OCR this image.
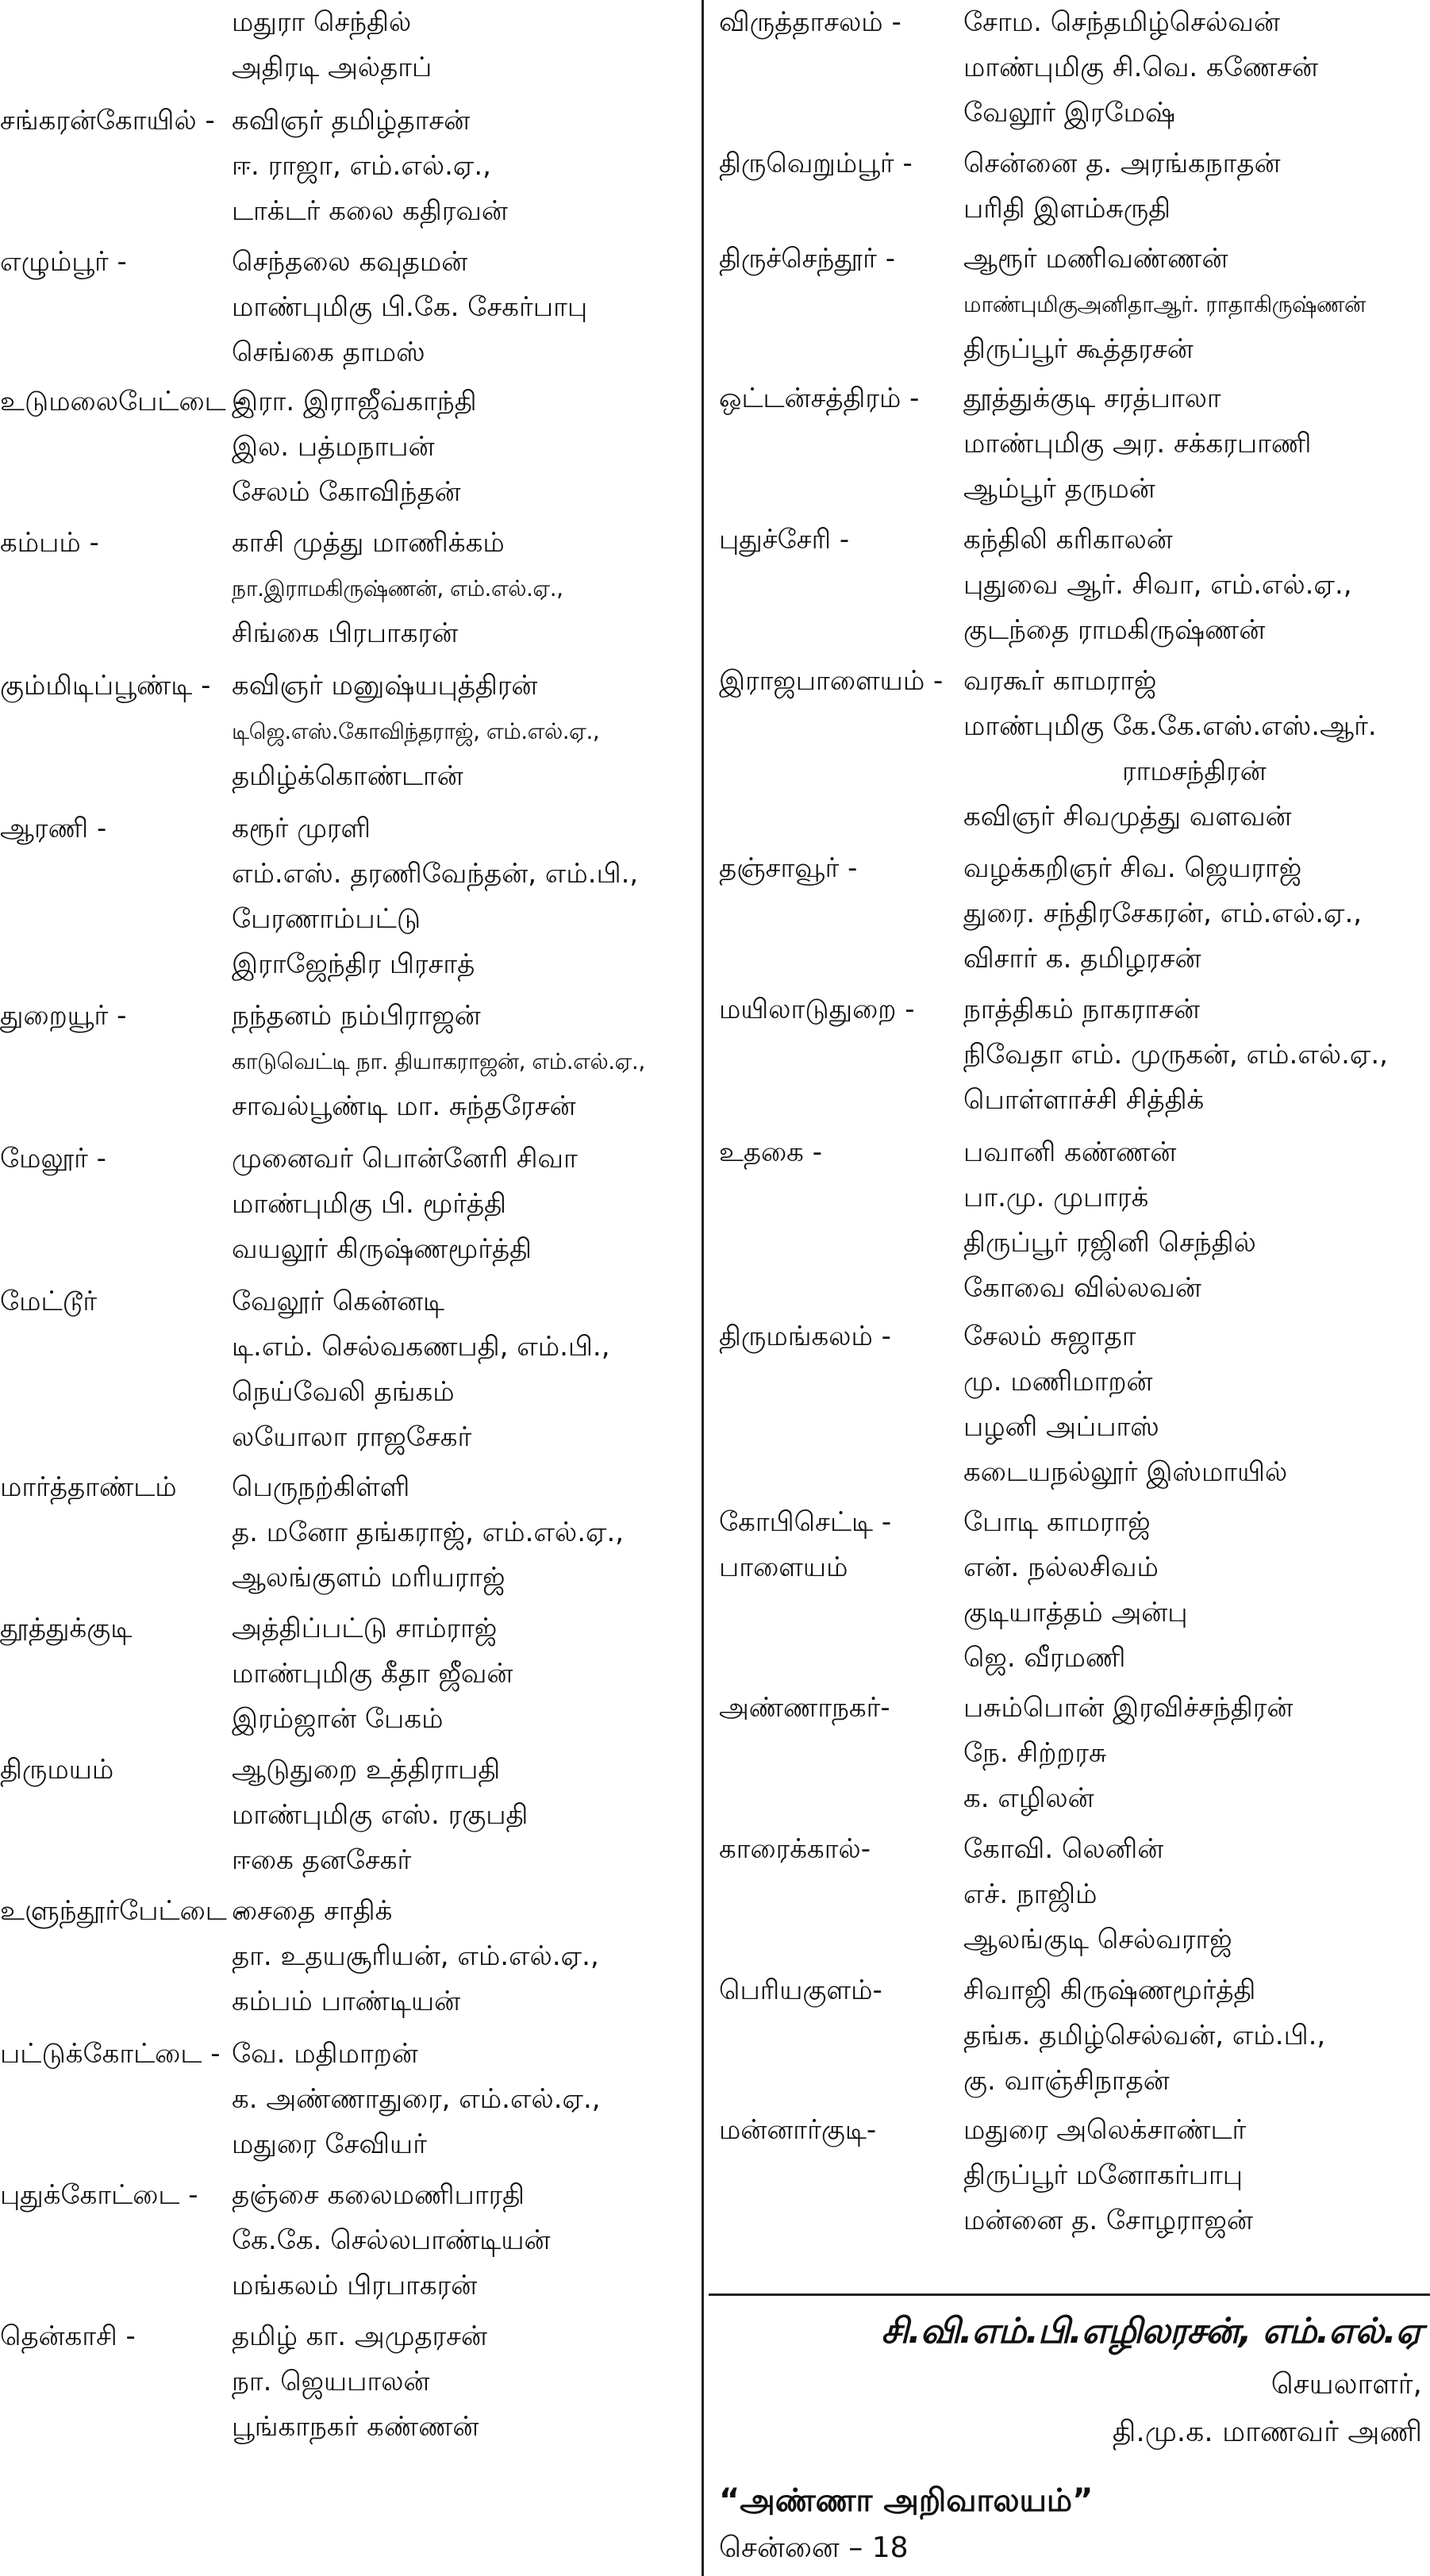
மதுரா செந்தில்
அதிரடி அல்தாப்
சங்கரன்கோயில் - கவிஞர் தமிழ்தாசன்
ஈ. ராஜா, எம்.எல்.ஏ.,
டாக்டர் கலை கதிரவன்
எழும்பூர் -	செந்தலை கவுதமன்
மாண்புமிகு பி.கே. சேகர்பாபு
செங்கை தாமஸ்
உடுமலைபேட்டை -
இரா. இராஜீவ்காந்தி
இல. பத்மநாபன்
சேலம் கோவிந்தன்
கம்பம் -	காசி முத்து மாணிக்கம்
நா.இராமகிருஷ்ணன், எம்.எல்.ஏ.,
சிங்கை பிரபாகரன்
கும்மிடிப்பூண்டி - கவிஞர் மனுஷ்யபுத்திரன்
டிஜெ.எஸ்.கோவிந்தராஜ், எம்.எல்.ஏ.,
தமிழ்க்கொண்டான்
ஆரணி -	கரூர் முரளி
எம்.எஸ். தரணிவேந்தன், எம்.பி.,
பேரணாம்பட்டு
இராஜேந்திர பிரசாத்
துறையூர் -	நந்தனம் நம்பிராஜன்
காடுவெட்டி நா. தியாகராஜன், எம்.எல்.ஏ.,
சாவல்பூண்டி மா. சுந்தரேசன்
மேலூர் -	முனைவர் பொன்னேரி சிவா
மாண்புமிகு பி. மூர்த்தி
வயலூர் கிருஷ்ணமூர்த்தி
மேட்டூர்	வேலூர் கென்னடி
டி.எம். செல்வகணபதி, எம்.பி.,
நெய்வேலி தங்கம்
லயோலா ராஜசேகர்
மார்த்தாண்டம் பெருநற்கிள்ளி
த. மனோ தங்கராஜ், எம்.எல்.ஏ.,
ஆலங்குளம் மரியராஜ்
தூத்துக்குடி	அத்திப்பட்டு சாம்ராஜ்
மாண்புமிகு கீதா ஜீவன்
இரம்ஜான் பேகம்
திருமயம்	ஆடுதுறை உத்திராபதி
மாண்புமிகு எஸ். ரகுபதி
ஈகை தனசேகர்
உளுந்தூர்பேட்டை -
சைதை சாதிக்
தா. உதயசூரியன், எம்.எல்.ஏ.,
கம்பம் பாண்டியன்
பட்டுக்கோட்டை - வே. மதிமாறன்
க. அண்ணாதுரை, எம்.எல்.ஏ.,
மதுரை சேவியர்
புதுக்கோட்டை - தஞ்சை கலைமணிபாரதி
கே.கே. செல்லபாண்டியன்
மங்கலம் பிரபாகரன்
தென்காசி -	தமிழ் கா. அமுதரசன்
நா. ஜெயபாலன்
பூங்காநகர் கண்ணன்
விருத்தாசலம் - சோம. செந்தமிழ்செல்வன்
மாண்புமிகு சி.வெ. கணேசன்
வேலூர் இரமேஷ்
திருவெறும்பூர் - சென்னை த. அரங்கநாதன்
பரிதி இளம்சுருதி
திருச்செந்தூர் -	ஆரூர் மணிவண்ணன்
மாண்புமிகுஅனிதாஆர். ராதாகிருஷ்ணன்
திருப்பூர் கூத்தரசன்
ஒட்டன்சத்திரம் - தூத்துக்குடி சரத்பாலா
மாண்புமிகு அர. சக்கரபாணி
ஆம்பூர் தருமன்
புதுச்சேரி -	கந்திலி கரிகாலன்
புதுவை ஆர். சிவா, எம்.எல்.ஏ.,
குடந்தை ராமகிருஷ்ணன்
இராஜபாளையம் - வரகூர் காமராஜ்
மாண்புமிகு கே.கே.எஸ்.எஸ்.ஆர்.
ராமசந்திரன்
கவிஞர் சிவமுத்து வளவன்
தஞ்சாவூர் -	வழக்கறிஞர் சிவ. ஜெயராஜ்
துரை. சந்திரசேகரன், எம்.எல்.ஏ.,
விசார் க. தமிழரசன்
மயிலாடுதுறை - நாத்திகம் நாகராசன்
நிவேதா எம். முருகன், எம்.எல்.ஏ.,
பொள்ளாச்சி சித்திக்
உதகை -	பவானி கண்ணன்
பா.மு. முபாரக்
திருப்பூர் ரஜினி செந்தில்
கோவை வில்லவன்
திருமங்கலம் -	சேலம் சுஜாதா
மு. மணிமாறன்
பழனி அப்பாஸ்
கடையநல்லூர் இஸ்மாயில்
கோபிசெட்டி -
பாளையம்
போடி காமராஜ்
என். நல்லசிவம்
குடியாத்தம் அன்பு
ஜெ. வீரமணி
அண்ணாநகர்-	பசும்பொன் இரவிச்சந்திரன்
நே. சிற்றரசு
க. எழிலன்
காரைக்கால்-	கோவி. லெனின்
எச். நாஜிம்
ஆலங்குடி செல்வராஜ்
பெரியகுளம்-	சிவாஜி கிருஷ்ணமூர்த்தி
தங்க. தமிழ்செல்வன், எம்.பி.,
கு. வாஞ்சிநாதன்
மன்னார்குடி-	மதுரை அலெக்சாண்டர்
திருப்பூர் மனோகர்பாபு
மன்னை த. சோழராஜன்
சி.வி.எம்.பி.எழிலரசன், எம்.எல்.ஏ
செயலாளர்,
தி.மு.க. மாணவர் அணி
“அண்ணா அறிவாலயம்”
சென்னை – 18
